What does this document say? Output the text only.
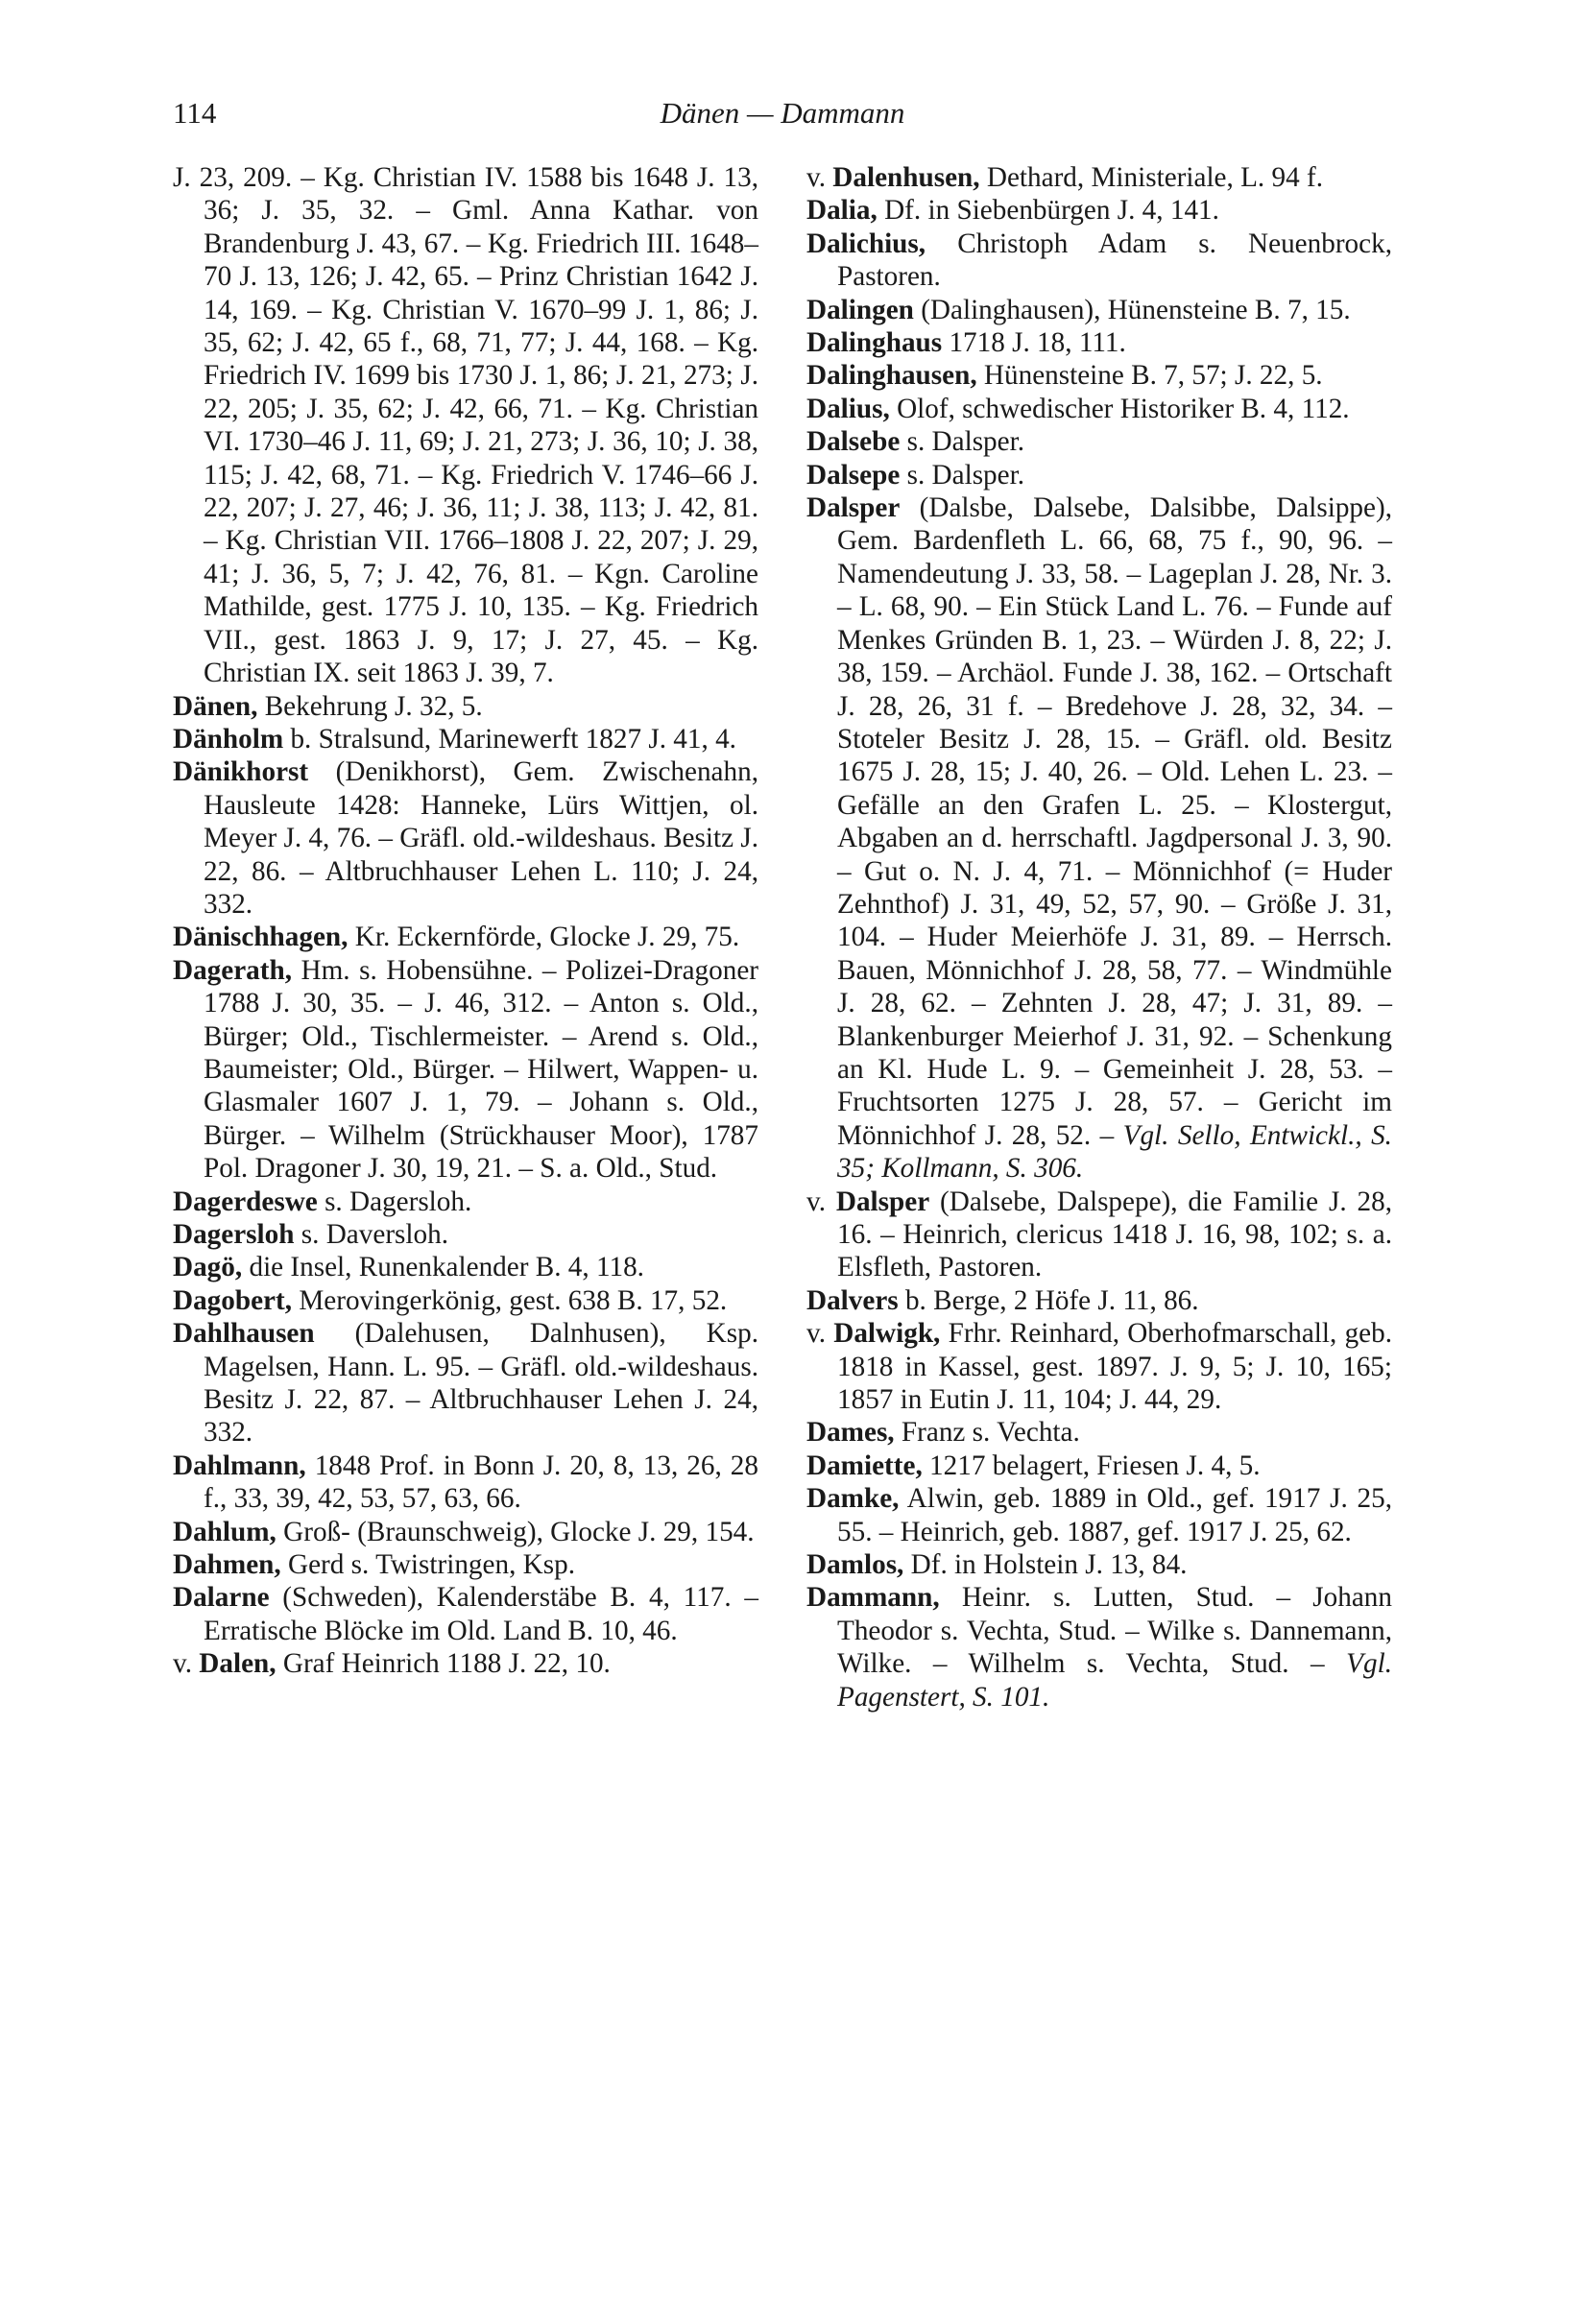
114	Dänen — Dammann

J. 23, 209. – Kg. Christian IV. 1588 bis 1648 J. 13, 36; J. 35, 32. – Gml. Anna Kathar. von Brandenburg J. 43, 67. – Kg. Friedrich III. 1648–70 J. 13, 126; J. 42, 65. – Prinz Christian 1642 J. 14, 169. – Kg. Christian V. 1670–99 J. 1, 86; J. 35, 62; J. 42, 65 f., 68, 71, 77; J. 44, 168. – Kg. Friedrich IV. 1699 bis 1730 J. 1, 86; J. 21, 273; J. 22, 205; J. 35, 62; J. 42, 66, 71. – Kg. Christian VI. 1730–46 J. 11, 69; J. 21, 273; J. 36, 10; J. 38, 115; J. 42, 68, 71. – Kg. Friedrich V. 1746–66 J. 22, 207; J. 27, 46; J. 36, 11; J. 38, 113; J. 42, 81. – Kg. Christian VII. 1766–1808 J. 22, 207; J. 29, 41; J. 36, 5, 7; J. 42, 76, 81. – Kgn. Caroline Mathilde, gest. 1775 J. 10, 135. – Kg. Friedrich VII., gest. 1863 J. 9, 17; J. 27, 45. – Kg. Christian IX. seit 1863 J. 39, 7.

Dänen, Bekehrung J. 32, 5.

Dänholm b. Stralsund, Marinewerft 1827 J. 41, 4.

Dänikhorst (Denikhorst), Gem. Zwischenahn, Hausleute 1428: Hanneke, Lürs Wittjen, ol. Meyer J. 4, 76. – Gräfl. old.-wildeshaus. Besitz J. 22, 86. – Altbruchhauser Lehen L. 110; J. 24, 332.

Dänischhagen, Kr. Eckernförde, Glocke J. 29, 75.

Dagerath, Hm. s. Hobensühne. – Polizei-Dragoner 1788 J. 30, 35. – J. 46, 312. – Anton s. Old., Bürger; Old., Tischlermeister. – Arend s. Old., Baumeister; Old., Bürger. – Hilwert, Wappen- u. Glasmaler 1607 J. 1, 79. – Johann s. Old., Bürger. – Wilhelm (Strückhauser Moor), 1787 Pol. Dragoner J. 30, 19, 21. – S. a. Old., Stud.

Dagerdeswe s. Dagersloh.

Dagersloh s. Daversloh.

Dagö, die Insel, Runenkalender B. 4, 118.

Dagobert, Merovingerkönig, gest. 638 B. 17, 52.

Dahlhausen (Dalehusen, Dalnhusen), Ksp. Magelsen, Hann. L. 95. – Gräfl. old.-wildeshaus. Besitz J. 22, 87. – Altbruchhauser Lehen J. 24, 332.

Dahlmann, 1848 Prof. in Bonn J. 20, 8, 13, 26, 28 f., 33, 39, 42, 53, 57, 63, 66.

Dahlum, Groß- (Braunschweig), Glocke J. 29, 154.

Dahmen, Gerd s. Twistringen, Ksp.

Dalarne (Schweden), Kalenderstäbe B. 4, 117. – Erratische Blöcke im Old. Land B. 10, 46.

v. Dalen, Graf Heinrich 1188 J. 22, 10.

v. Dalenhusen, Dethard, Ministeriale, L. 94 f.

Dalia, Df. in Siebenbürgen J. 4, 141.

Dalichius, Christoph Adam s. Neuenbrock, Pastoren.

Dalingen (Dalinghausen), Hünensteine B. 7, 15.

Dalinghaus 1718 J. 18, 111.

Dalinghausen, Hünensteine B. 7, 57; J. 22, 5.

Dalius, Olof, schwedischer Historiker B. 4, 112.

Dalsebe s. Dalsper.

Dalsepe s. Dalsper.

Dalsper (Dalsbe, Dalsebe, Dalsibbe, Dalsippe), Gem. Bardenfleth L. 66, 68, 75 f., 90, 96. – Namendeutung J. 33, 58. – Lageplan J. 28, Nr. 3. – L. 68, 90. – Ein Stück Land L. 76. – Funde auf Menkes Gründen B. 1, 23. – Würden J. 8, 22; J. 38, 159. – Archäol. Funde J. 38, 162. – Ortschaft J. 28, 26, 31 f. – Bredehove J. 28, 32, 34. – Stoteler Besitz J. 28, 15. – Gräfl. old. Besitz 1675 J. 28, 15; J. 40, 26. – Old. Lehen L. 23. – Gefälle an den Grafen L. 25. – Klostergut, Abgaben an d. herrschaftl. Jagdpersonal J. 3, 90. – Gut o. N. J. 4, 71. – Mönnichhof (= Huder Zehnthof) J. 31, 49, 52, 57, 90. – Größe J. 31, 104. – Huder Meierhöfe J. 31, 89. – Herrsch. Bauen, Mönnichhof J. 28, 58, 77. – Windmühle J. 28, 62. – Zehnten J. 28, 47; J. 31, 89. – Blankenburger Meierhof J. 31, 92. – Schenkung an Kl. Hude L. 9. – Gemeinheit J. 28, 53. – Fruchtsorten 1275 J. 28, 57. – Gericht im Mönnichhof J. 28, 52. – Vgl. Sello, Entwickl., S. 35; Kollmann, S. 306.

v. Dalsper (Dalsebe, Dalspepe), die Familie J. 28, 16. – Heinrich, clericus 1418 J. 16, 98, 102; s. a. Elsfleth, Pastoren.

Dalvers b. Berge, 2 Höfe J. 11, 86.

v. Dalwigk, Frhr. Reinhard, Oberhofmarschall, geb. 1818 in Kassel, gest. 1897. J. 9, 5; J. 10, 165; 1857 in Eutin J. 11, 104; J. 44, 29.

Dames, Franz s. Vechta.

Damiette, 1217 belagert, Friesen J. 4, 5.

Damke, Alwin, geb. 1889 in Old., gef. 1917 J. 25, 55. – Heinrich, geb. 1887, gef. 1917 J. 25, 62.

Damlos, Df. in Holstein J. 13, 84.

Dammann, Heinr. s. Lutten, Stud. – Johann Theodor s. Vechta, Stud. – Wilke s. Dannemann, Wilke. – Wilhelm s. Vechta, Stud. – Vgl. Pagenstert, S. 101.
